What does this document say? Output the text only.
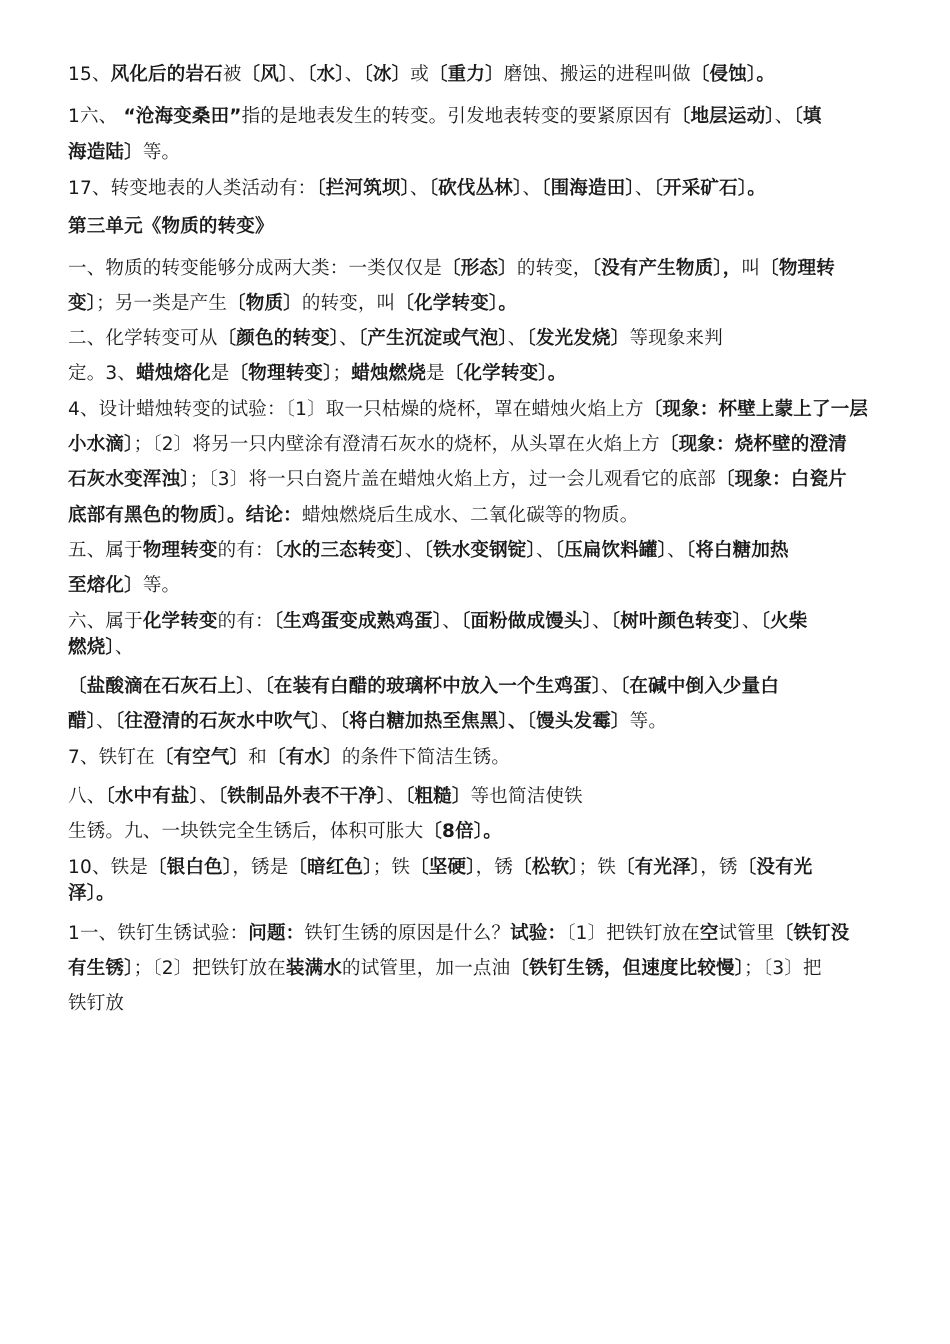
15、风化后的岩石被〔风〕、〔水〕、〔冰〕或〔重力〕磨蚀、搬运的进程叫做〔侵蚀〕。
1六、 “沧海变桑田”指的是地表发生的转变。引发地表转变的要紧原因有〔地层运动〕、〔填
海造陆〕等。
17、转变地表的人类活动有：〔拦河筑坝〕、〔砍伐丛林〕、〔围海造田〕、〔开采矿石〕。
第三单元《物质的转变》
一、物质的转变能够分成两大类：一类仅仅是〔形态〕的转变，〔没有产生物质〕，叫〔物理转
变〕；另一类是产生〔物质〕的转变，叫〔化学转变〕。
二、化学转变可从〔颜色的转变〕、〔产生沉淀或气泡〕、〔发光发烧〕等现象来判
定。3、蜡烛熔化是〔物理转变〕；蜡烛燃烧是〔化学转变〕。
4、设计蜡烛转变的试验：〔1〕取一只枯燥的烧杯，罩在蜡烛火焰上方〔现象：杯壁上蒙上了一层
小水滴〕；〔2〕将另一只内壁涂有澄清石灰水的烧杯，从头罩在火焰上方〔现象：烧杯壁的澄清
石灰水变浑浊〕；〔3〕将一只白瓷片盖在蜡烛火焰上方，过一会儿观看它的底部〔现象：白瓷片
底部有黑色的物质〕。结论：蜡烛燃烧后生成水、二氧化碳等的物质。
五、属于物理转变的有：〔水的三态转变〕、〔铁水变钢锭〕、〔压扁饮料罐〕、〔将白糖加热
至熔化〕等。
六、属于化学转变的有：〔生鸡蛋变成熟鸡蛋〕、〔面粉做成馒头〕、〔树叶颜色转变〕、〔火柴
燃烧〕、
〔盐酸滴在石灰石上〕、〔在装有白醋的玻璃杯中放入一个生鸡蛋〕、〔在碱中倒入少量白
醋〕、〔往澄清的石灰水中吹气〕、〔将白糖加热至焦黑〕、〔馒头发霉〕等。
7、铁钉在〔有空气〕和〔有水〕的条件下简洁生锈。
八、〔水中有盐〕、〔铁制品外表不干净〕、〔粗糙〕等也简洁使铁
生锈。九、一块铁完全生锈后，体积可胀大〔8倍〕。
10、铁是〔银白色〕，锈是〔暗红色〕；铁〔坚硬〕，锈〔松软〕；铁〔有光泽〕，锈〔没有光
泽〕。
1一、铁钉生锈试验：问题：铁钉生锈的原因是什么？试验：〔1〕把铁钉放在空试管里〔铁钉没
有生锈〕；〔2〕把铁钉放在装满水的试管里，加一点油〔铁钉生锈，但速度比较慢〕；〔3〕把
铁钉放
